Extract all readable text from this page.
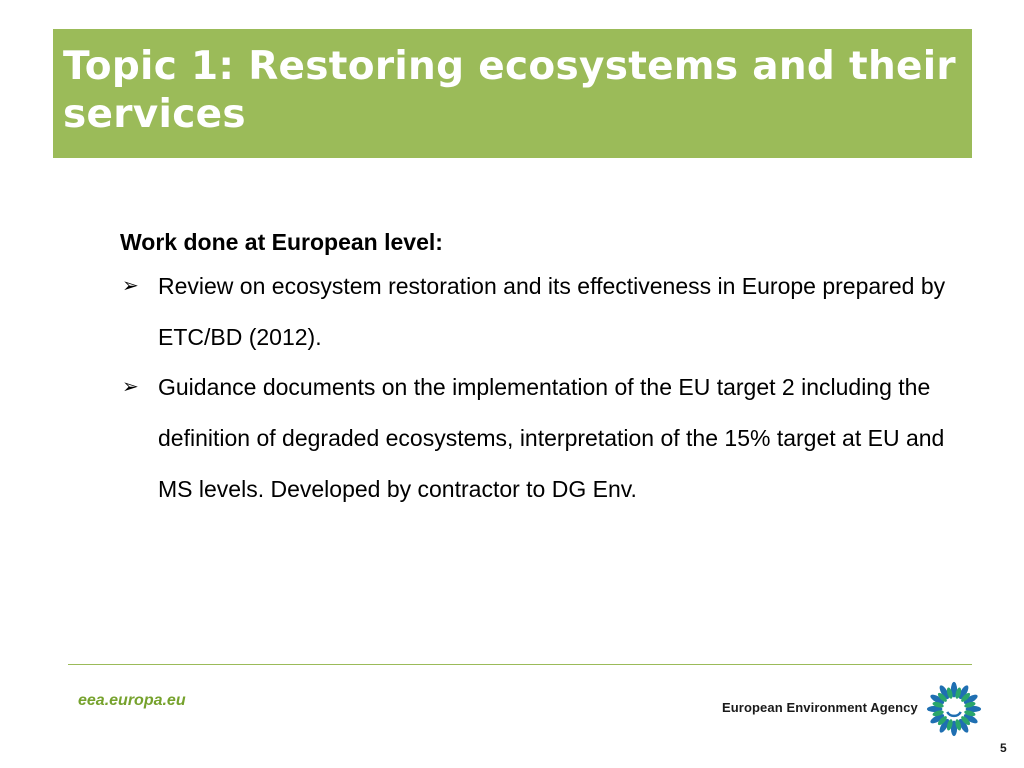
Topic 1: Restoring ecosystems and their services

Work done at European level:

➢ Review on ecosystem restoration and its effectiveness in Europe prepared by ETC/BD (2012).
➢ Guidance documents on the implementation of the EU target 2 including the definition of degraded ecosystems, interpretation of the 15% target at EU and MS levels. Developed by contractor to DG Env.
eea.europa.eu	European Environment Agency
5
